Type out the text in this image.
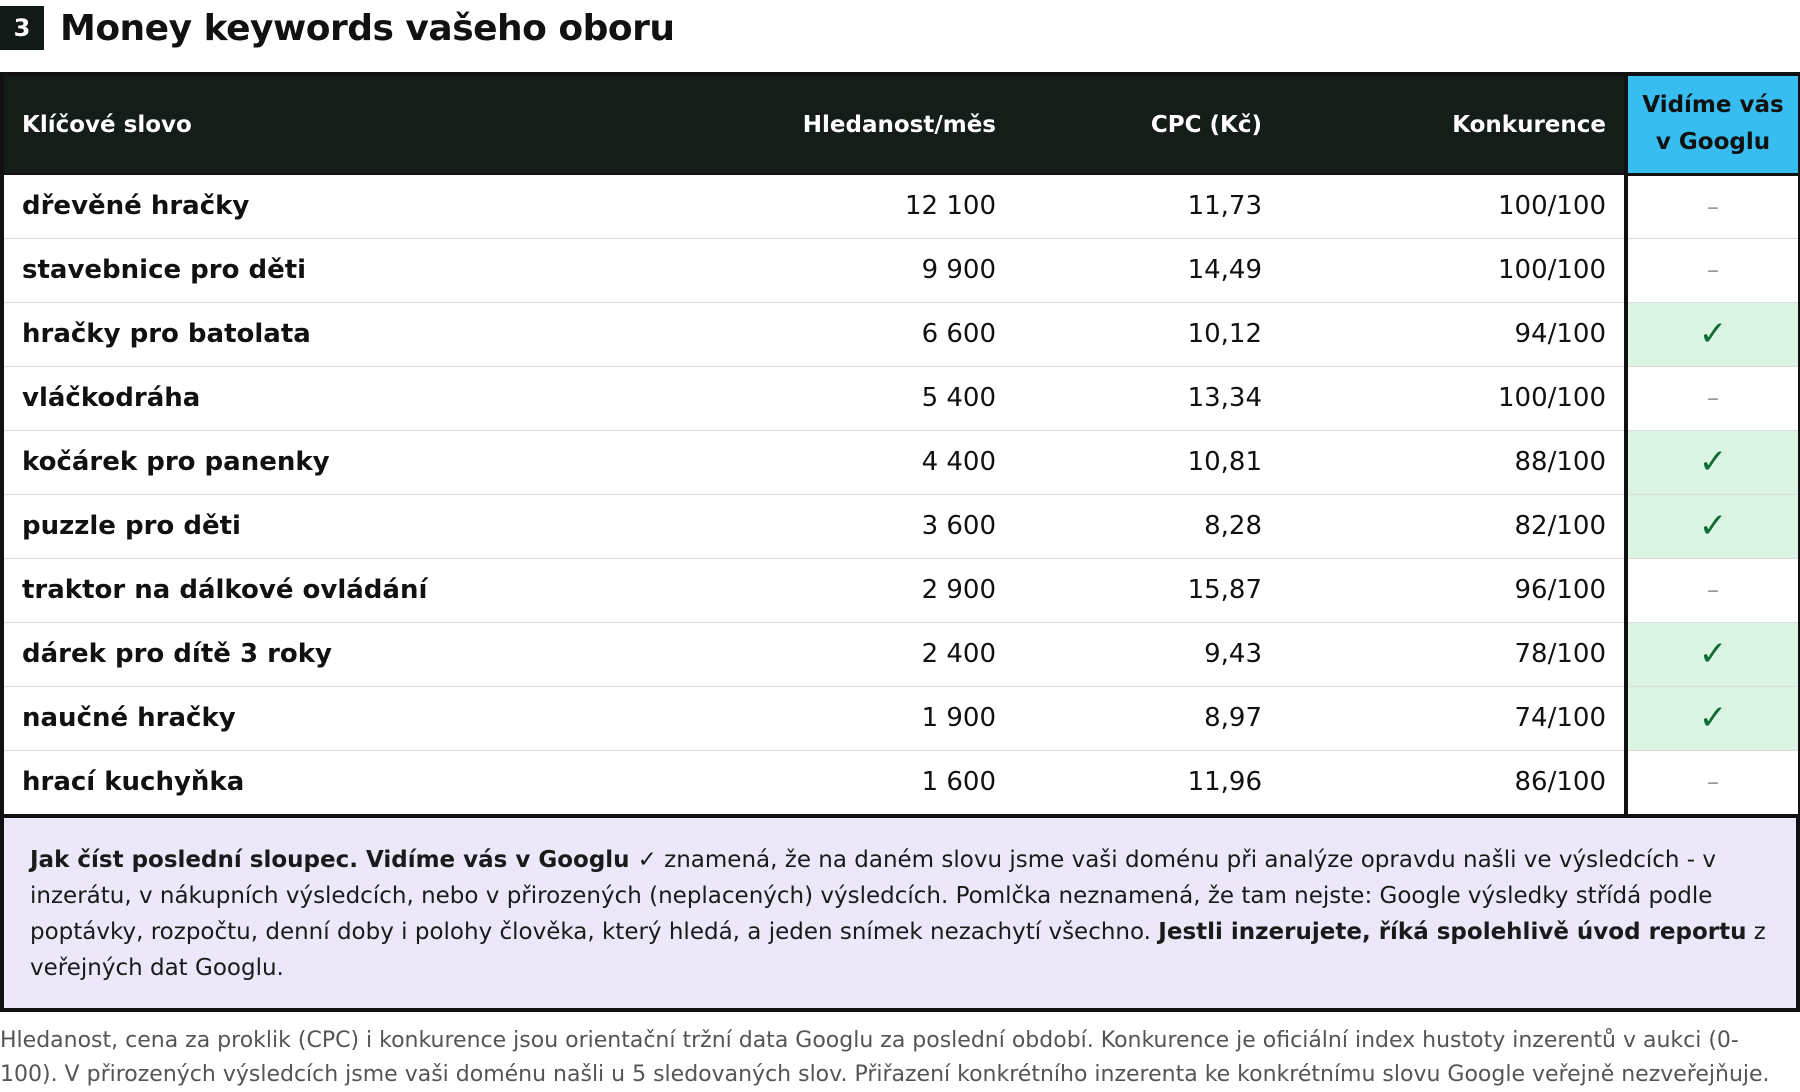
3 Money keywords vašeho oboru
Klíčové slovo	Hledanost/měs	CPC (Kč)	Konkurence	Vidíme vás
v Googlu

dřevěné hračky	12 100	11,73	100/100	–
stavebnice pro děti	9 900	14,49	100/100	–
hračky pro batolata	6 600	10,12	94/100	✓
vláčkodráha	5 400	13,34	100/100	–
kočárek pro panenky	4 400	10,81	88/100	✓
puzzle pro děti	3 600	8,28	82/100	✓
traktor na dálkové ovládání	2 900	15,87	96/100	–
dárek pro dítě 3 roky	2 400	9,43	78/100	✓
naučné hračky	1 900	8,97	74/100	✓
hrací kuchyňka	1 600	11,96	86/100	–
Jak číst poslední sloupec. Vidíme vás v Googlu ✓ znamená, že na daném slovu jsme vaši doménu při analýze opravdu našli ve výsledcích - v inzerátu, v nákupních výsledcích, nebo v přirozených (neplacených) výsledcích. Pomlčka neznamená, že tam nejste: Google výsledky střídá podle poptávky, rozpočtu, denní doby i polohy člověka, který hledá, a jeden snímek nezachytí všechno. Jestli inzerujete, říká spolehlivě úvod reportu z veřejných dat Googlu.
Hledanost, cena za proklik (CPC) i konkurence jsou orientační tržní data Googlu za poslední období. Konkurence je oficiální index hustoty inzerentů v aukci (0-100). V přirozených výsledcích jsme vaši doménu našli u 5 sledovaných slov. Přiřazení konkrétního inzerenta ke konkrétnímu slovu Google veřejně nezveřejňuje.
